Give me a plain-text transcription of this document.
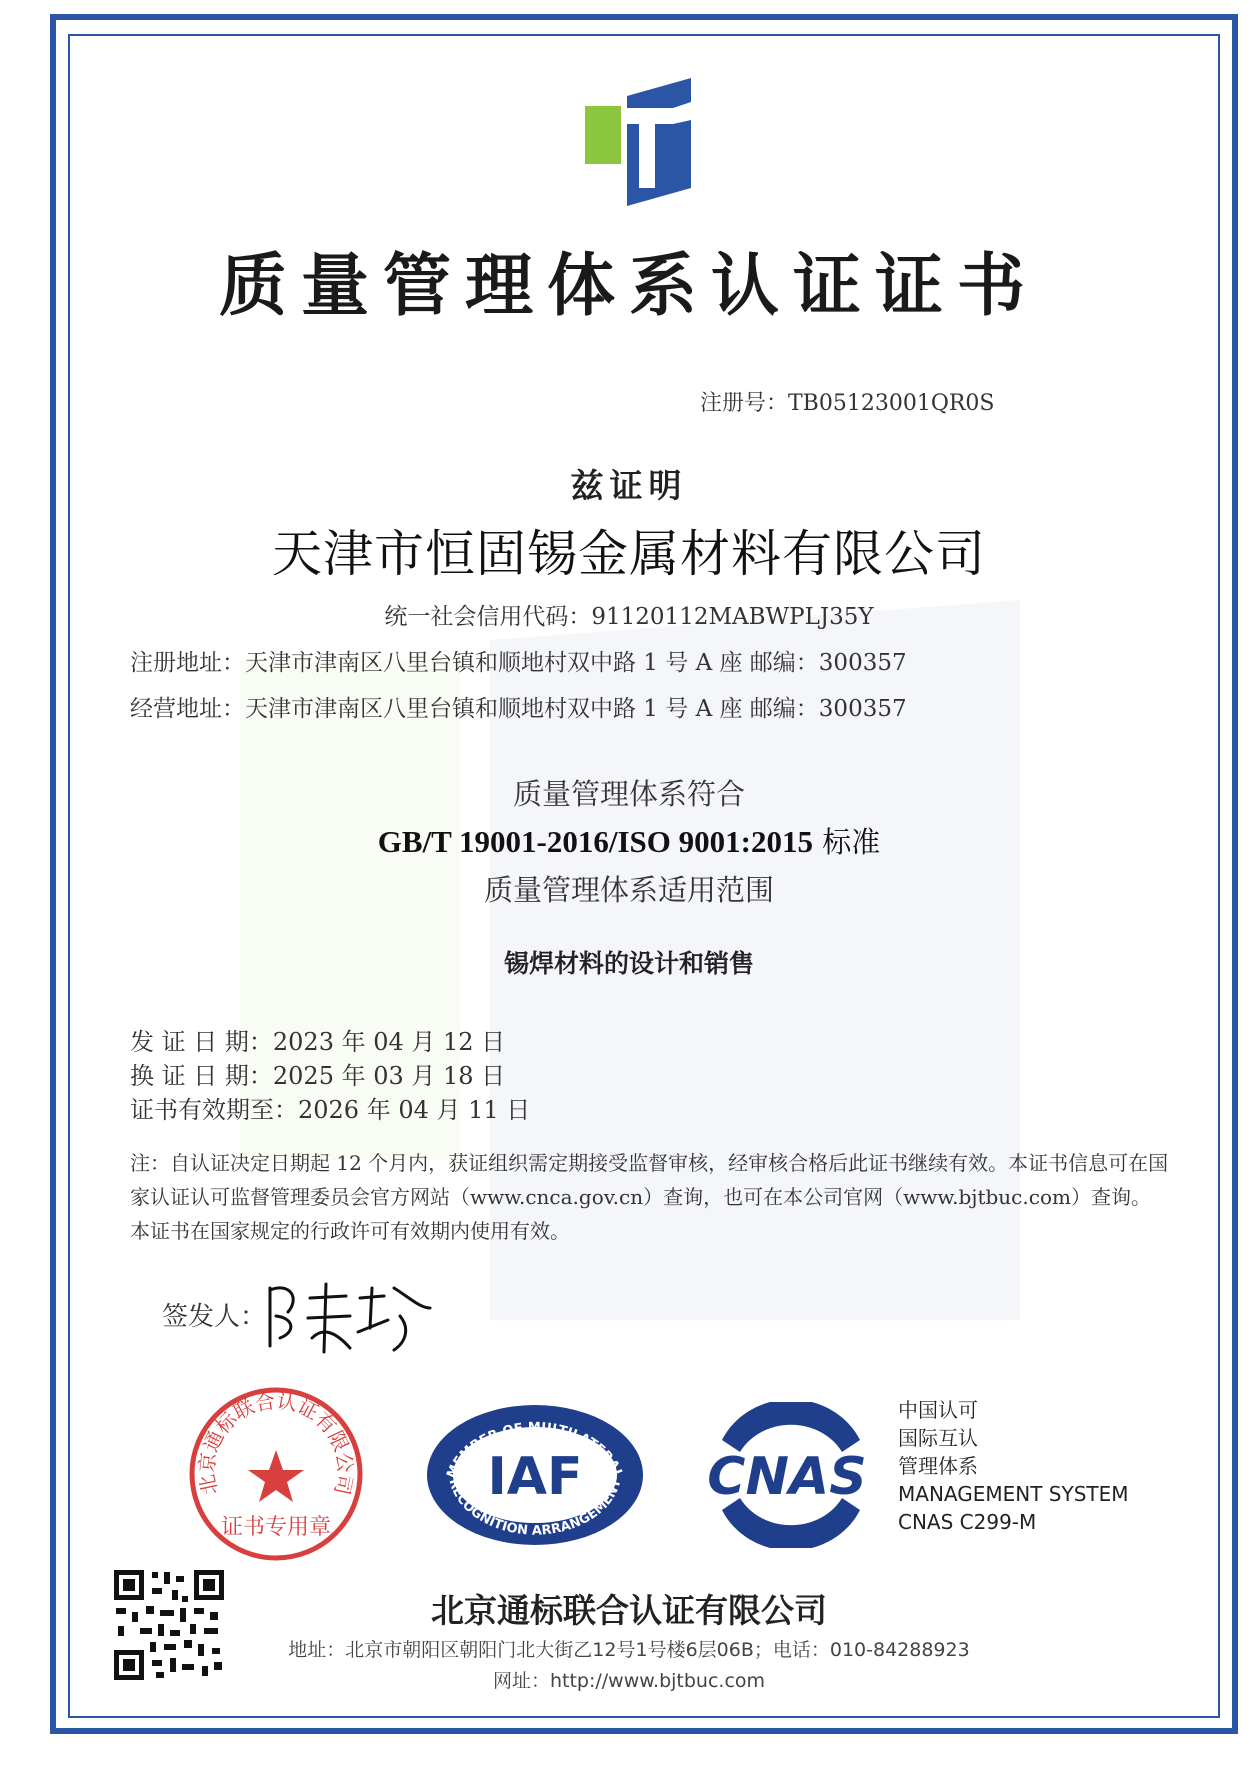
质量管理体系认证证书
注册号：TB05123001QR0S
兹证明
天津市恒固锡金属材料有限公司
统一社会信用代码：91120112MABWPLJ35Y
注册地址：天津市津南区八里台镇和顺地村双中路 1 号 A 座 邮编：300357
经营地址：天津市津南区八里台镇和顺地村双中路 1 号 A 座 邮编：300357
质量管理体系符合
GB/T 19001-2016/ISO 9001:2015 标准
质量管理体系适用范围
锡焊材料的设计和销售
发 证 日 期：2023 年 04 月 12 日
换 证 日 期：2025 年 03 月 18 日
证书有效期至：2026 年 04 月 11 日
注：自认证决定日期起 12 个月内，获证组织需定期接受监督审核，经审核合格后此证书继续有效。本证书信息可在国家认证认可监督管理委员会官方网站（www.cnca.gov.cn）查询，也可在本公司官网（www.bjtbuc.com）查询。本证书在国家规定的行政许可有效期内使用有效。
签发人：
北京通标联合认证有限公司
证书专用章
MEMBER OF MULTILATERAL
RECOGNITION ARRANGEMENT
IAF CNAS
中国认可
国际互认
管理体系
MANAGEMENT SYSTEM
CNAS C299-M
北京通标联合认证有限公司
地址：北京市朝阳区朝阳门北大街乙12号1号楼6层06B；电话：010-84288923
网址：http://www.bjtbuc.com
